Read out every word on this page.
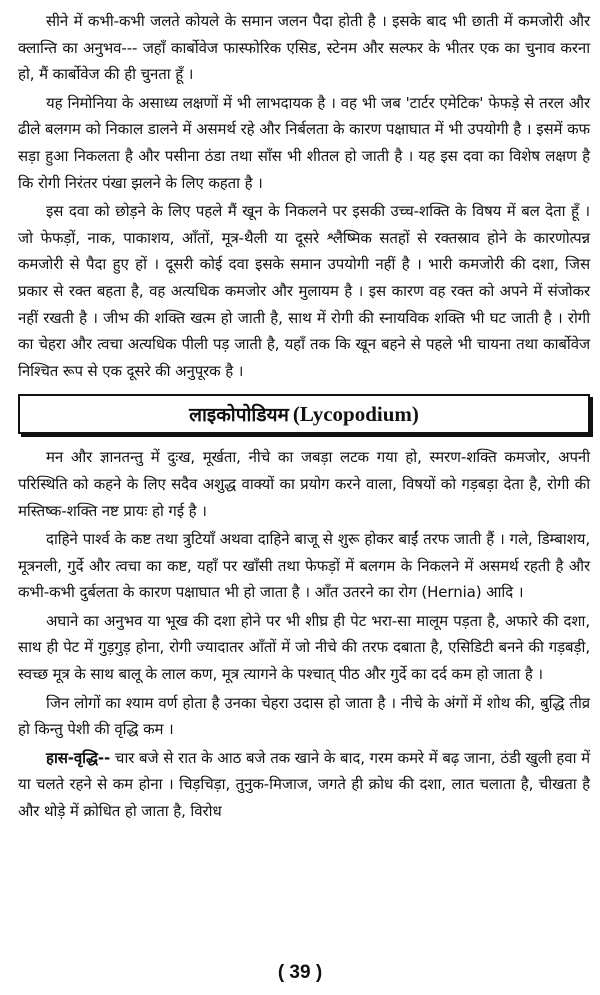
सीने में कभी-कभी जलते कोयले के समान जलन पैदा होती है । इसके बाद भी छाती में कमजोरी और क्लान्ति का अनुभव--- जहाँ कार्बोवेज फास्फोरिक एसिड, स्टेनम और सल्फर के भीतर एक का चुनाव करना हो, मैं कार्बोवेज की ही चुनता हूँ ।

यह निमोनिया के असाध्य लक्षणों में भी लाभदायक है । वह भी जब 'टार्टर एमेटिक' फेफड़े से तरल और ढीले बलगम को निकाल डालने में असमर्थ रहे और निर्बलता के कारण पक्षाघात में भी उपयोगी है । इसमें कफ सड़ा हुआ निकलता है और पसीना ठंडा तथा साँस भी शीतल हो जाती है । यह इस दवा का विशेष लक्षण है कि रोगी निरंतर पंखा झलने के लिए कहता है ।

इस दवा को छोड़ने के लिए पहले मैं खून के निकलने पर इसकी उच्च-शक्ति के विषय में बल देता हूँ । जो फेफड़ों, नाक, पाकाशय, आँतों, मूत्र-थैली या दूसरे श्लैष्मिक सतहों से रक्तस्राव होने के कारणोत्पन्न कमजोरी से पैदा हुए हों । दूसरी कोई दवा इसके समान उपयोगी नहीं है । भारी कमजोरी की दशा, जिस प्रकार से रक्त बहता है, वह अत्यधिक कमजोर और मुलायम है । इस कारण वह रक्त को अपने में संजोकर नहीं रखती है । जीभ की शक्ति खत्म हो जाती है, साथ में रोगी की स्नायविक शक्ति भी घट जाती है । रोगी का चेहरा और त्वचा अत्यधिक पीली पड़ जाती है, यहाँ तक कि खून बहने से पहले भी चायना तथा कार्बोवेज निश्चित रूप से एक दूसरे की अनुपूरक है ।

लाइकोपोडियम (Lycopodium)

मन और ज्ञानतन्तु में दुःख, मूर्खता, नीचे का जबड़ा लटक गया हो, स्मरण-शक्ति कमजोर, अपनी परिस्थिति को कहने के लिए सदैव अशुद्ध वाक्यों का प्रयोग करने वाला, विषयों को गड़बड़ा देता है, रोगी की मस्तिष्क-शक्ति नष्ट प्रायः हो गई है ।

दाहिने पार्श्व के कष्ट तथा त्रुटियाँ अथवा दाहिने बाजू से शुरू होकर बाईं तरफ जाती हैं । गले, डिम्बाशय, मूत्रनली, गुर्दे और त्वचा का कष्ट, यहाँ पर खाँसी तथा फेफड़ों में बलगम के निकलने में असमर्थ रहती है और कभी-कभी दुर्बलता के कारण पक्षाघात भी हो जाता है । आँत उतरने का रोग (Hernia) आदि ।

अघाने का अनुभव या भूख की दशा होने पर भी शीघ्र ही पेट भरा-सा मालूम पड़ता है, अफारे की दशा, साथ ही पेट में गुड़गुड़ होना, रोगी ज्यादातर आँतों में जो नीचे की तरफ दबाता है, एसिडिटी बनने की गड़बड़ी, स्वच्छ मूत्र के साथ बालू के लाल कण, मूत्र त्यागने के पश्चात् पीठ और गुर्दे का दर्द कम हो जाता है ।

जिन लोगों का श्याम वर्ण होता है उनका चेहरा उदास हो जाता है । नीचे के अंगों में शोथ की, बुद्धि तीव्र हो किन्तु पेशी की वृद्धि कम ।

हास-वृद्धि-- चार बजे से रात के आठ बजे तक खाने के बाद, गरम कमरे में बढ़ जाना, ठंडी खुली हवा में या चलते रहने से कम होना । चिड़चिड़ा, तुनुक-मिजाज, जगते ही क्रोध की दशा, लात चलाता है, चीखता है और थोड़े में क्रोधित हो जाता है, विरोध

( 39 )
